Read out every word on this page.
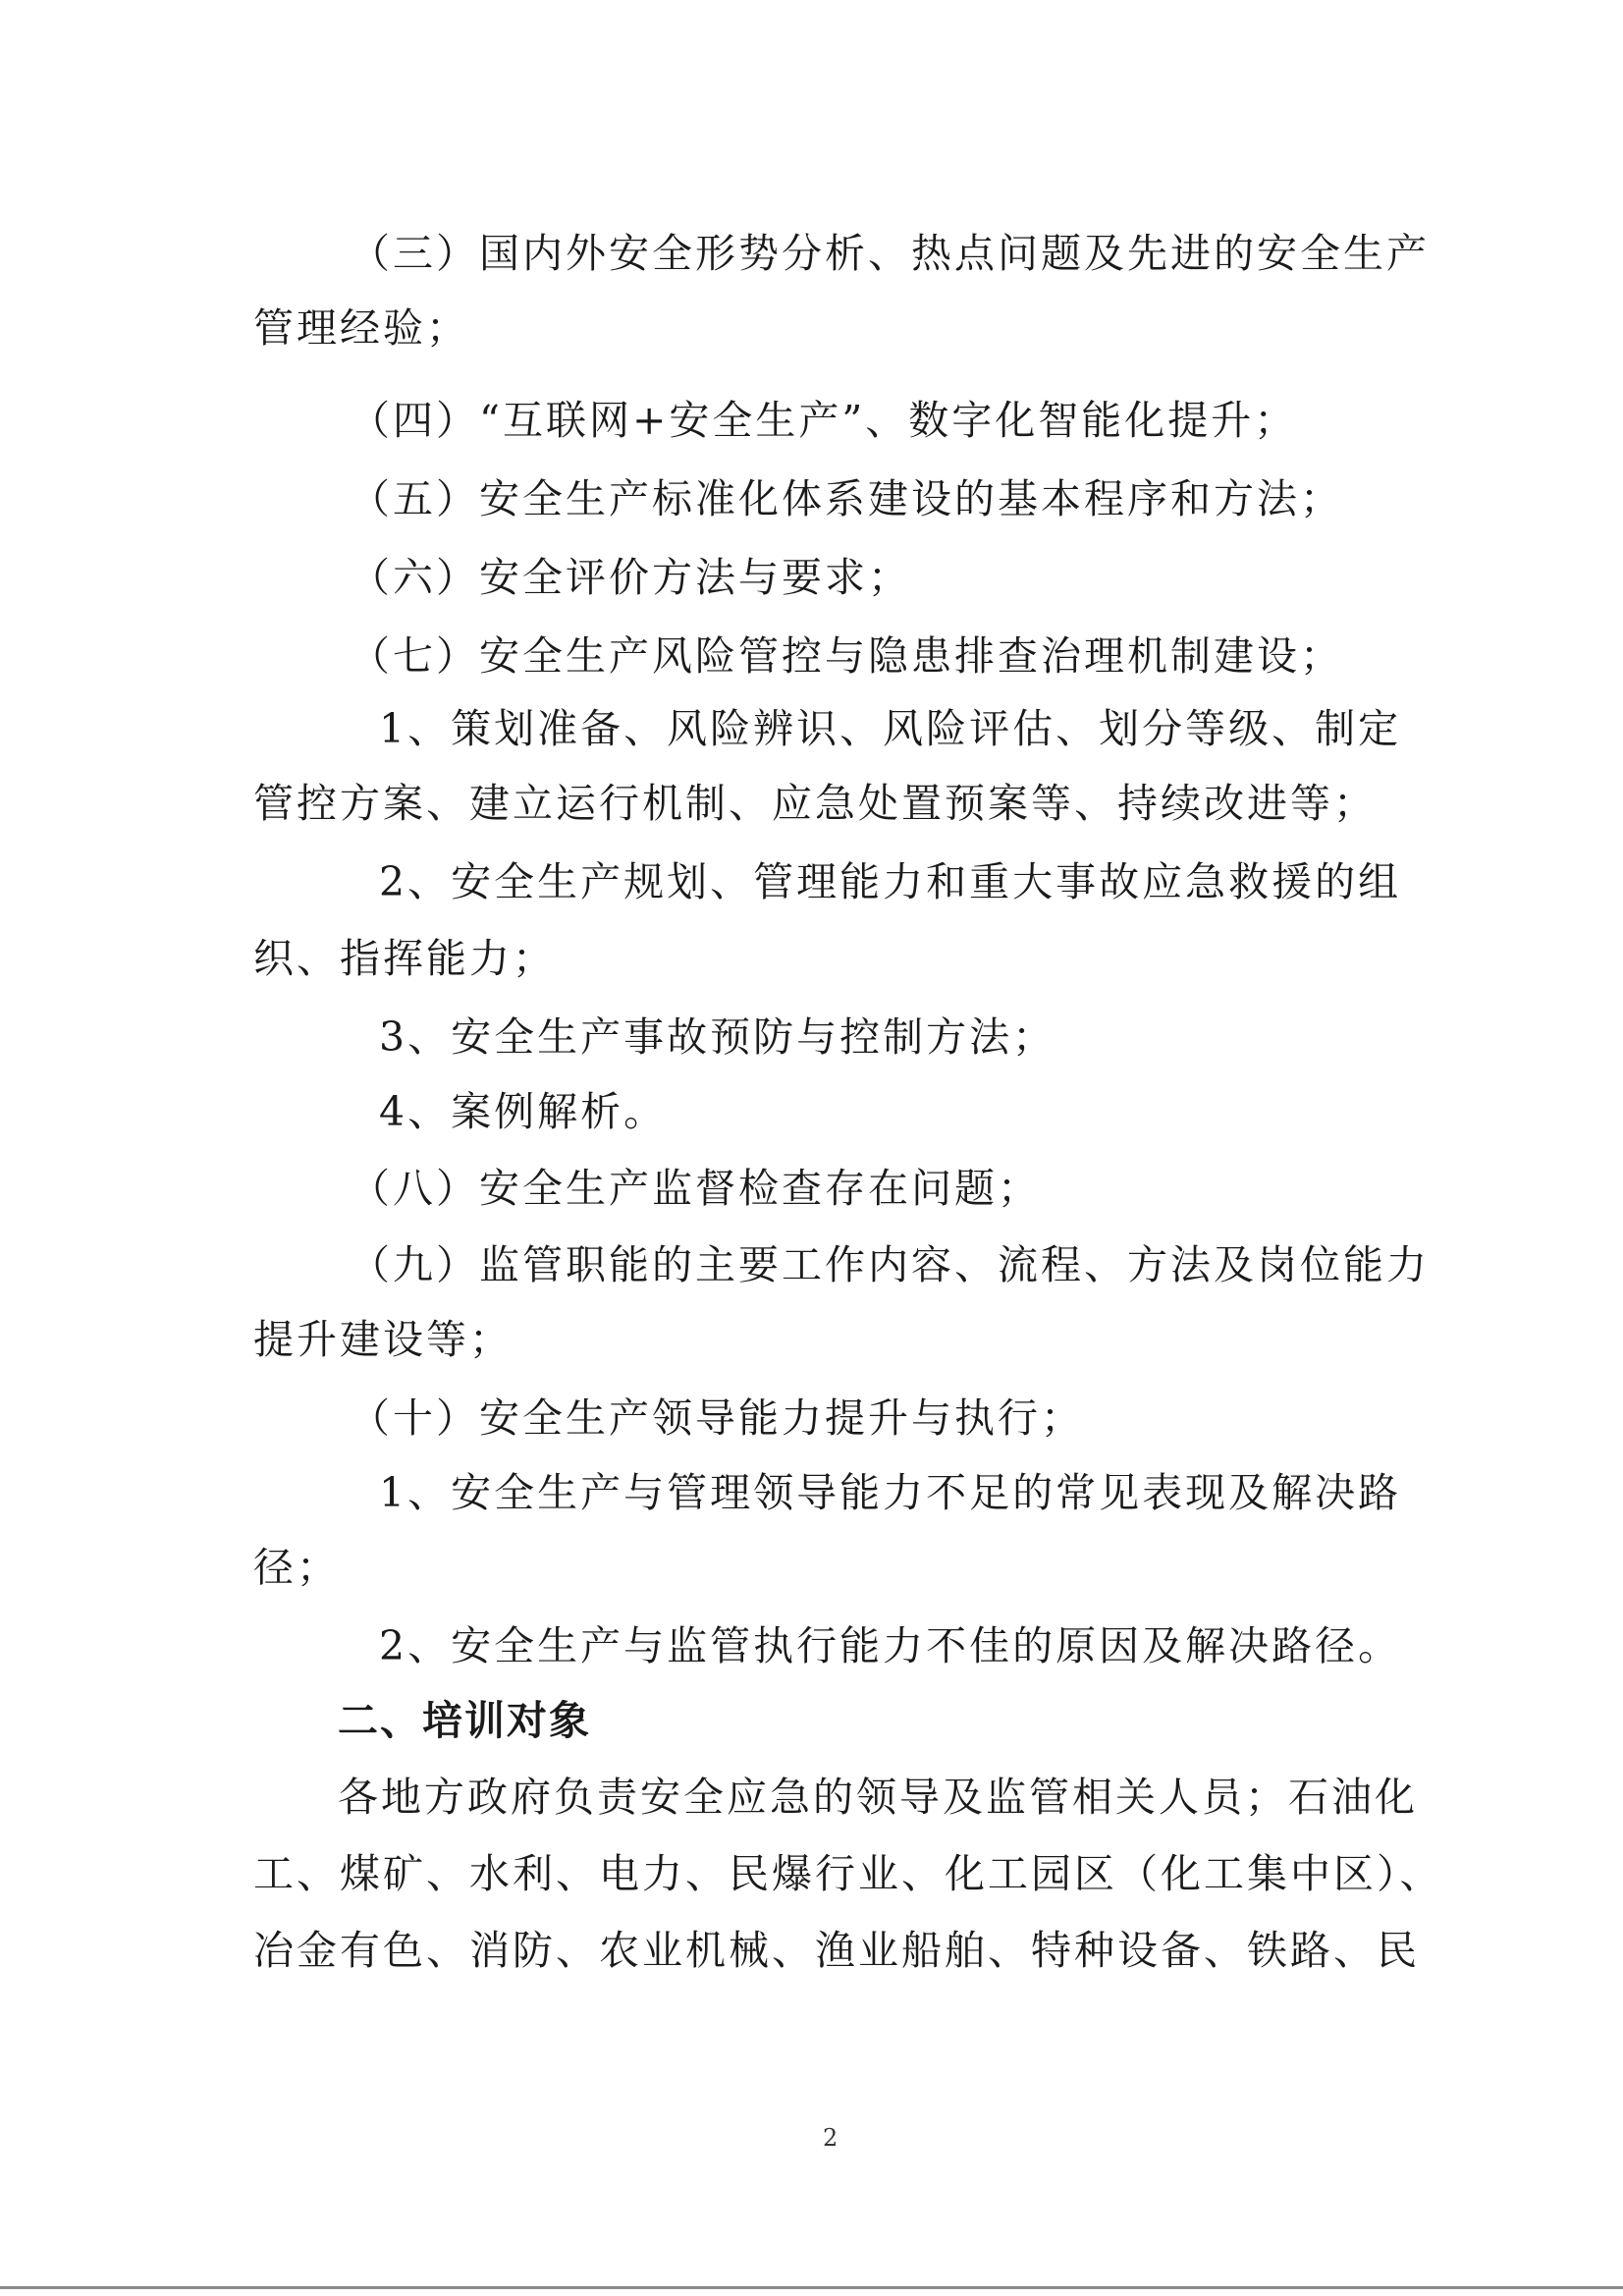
（三）国内外安全形势分析、热点问题及先进的安全生产
管理经验；
（四）“互联网+安全生产”、数字化智能化提升；
（五）安全生产标准化体系建设的基本程序和方法；
（六）安全评价方法与要求；
（七）安全生产风险管控与隐患排查治理机制建设；
1、策划准备、风险辨识、风险评估、划分等级、制定
管控方案、建立运行机制、应急处置预案等、持续改进等；
2、安全生产规划、管理能力和重大事故应急救援的组
织、指挥能力；
3、安全生产事故预防与控制方法；
4、案例解析。
（八）安全生产监督检查存在问题；
（九）监管职能的主要工作内容、流程、方法及岗位能力
提升建设等；
（十）安全生产领导能力提升与执行；
1、安全生产与管理领导能力不足的常见表现及解决路
径；
2、安全生产与监管执行能力不佳的原因及解决路径。
二、培训对象
各地方政府负责安全应急的领导及监管相关人员；石油化
工、煤矿、水利、电力、民爆行业、化工园区（化工集中区）、
冶金有色、消防、农业机械、渔业船舶、特种设备、铁路、民
2
